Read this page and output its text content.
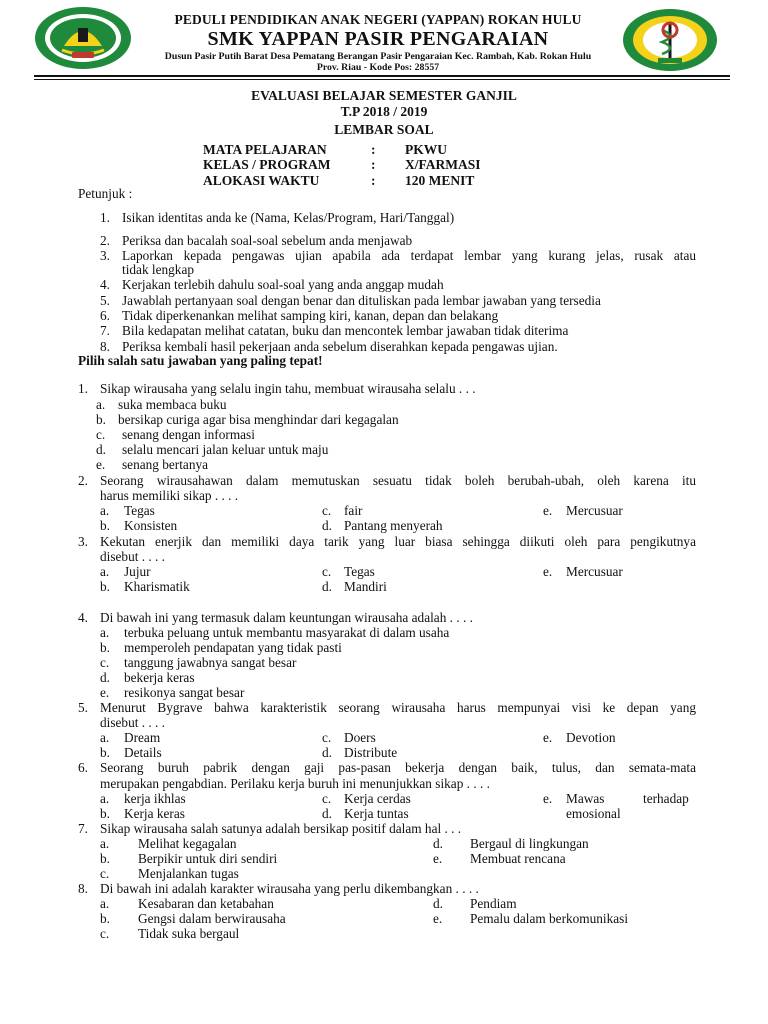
PEDULI PENDIDIKAN ANAK NEGERI (YAPPAN) ROKAN HULU
SMK YAPPAN PASIR PENGARAIAN
Dusun Pasir Putih Barat Desa Pematang Berangan Pasir Pengaraian Kec. Rambah, Kab. Rokan Hulu
Prov. Riau - Kode Pos: 28557
EVALUASI BELAJAR SEMESTER GANJIL
T.P 2018 / 2019
LEMBAR SOAL
MATA PELAJARAN	: PKWU
KELAS / PROGRAM	: X/FARMASI
ALOKASI WAKTU	: 120 MENIT
Petunjuk :
1. Isikan identitas anda ke (Nama, Kelas/Program, Hari/Tanggal)
2. Periksa dan bacalah soal-soal sebelum anda menjawab
3. Laporkan kepada pengawas ujian apabila ada terdapat lembar yang kurang jelas, rusak atau
tidak lengkap
4. Kerjakan terlebih dahulu soal-soal yang anda anggap mudah
5. Jawablah pertanyaan soal dengan benar dan dituliskan pada lembar jawaban yang tersedia
6. Tidak diperkenankan melihat samping kiri, kanan, depan dan belakang
7. Bila kedapatan melihat catatan, buku dan mencontek lembar jawaban tidak diterima
8. Periksa kembali hasil pekerjaan anda sebelum diserahkan kepada pengawas ujian.
Pilih salah satu jawaban yang paling tepat!
1. Sikap wirausaha yang selalu ingin tahu, membuat wirausaha selalu . . .
a. suka membaca buku
b. bersikap curiga agar bisa menghindar dari kegagalan
c. senang dengan informasi
d. selalu mencari jalan keluar untuk maju
e. senang bertanya
2. Seorang wirausahawan dalam memutuskan sesuatu tidak boleh berubah-ubah, oleh karena itu
harus memiliki sikap . . . .
a. Tegas	c. fair	e. Mercusuar
b. Konsisten	d. Pantang menyerah
3. Kekutan enerjik dan memiliki daya tarik yang luar biasa sehingga diikuti oleh para pengikutnya
disebut . . . .
a. Jujur	c. Tegas	e. Mercusuar
b. Kharismatik	d. Mandiri
4. Di bawah ini yang termasuk dalam keuntungan wirausaha adalah . . . .
a. terbuka peluang untuk membantu masyarakat di dalam usaha
b. memperoleh pendapatan yang tidak pasti
c. tanggung jawabnya sangat besar
d. bekerja keras
e. resikonya sangat besar
5. Menurut Bygrave bahwa karakteristik seorang wirausaha harus mempunyai visi ke depan yang
disebut . . . .
a. Dream	c. Doers	e. Devotion
b. Details	d. Distribute
6. Seorang buruh pabrik dengan gaji pas-pasan bekerja dengan baik, tulus, dan semata-mata
merupakan pengabdian. Perilaku kerja buruh ini menunjukkan sikap . . . .
a. kerja ikhlas	c. Kerja cerdas	e. Mawas	terhadap
emosional
b. Kerja keras	d. Kerja tuntas
7. Sikap wirausaha salah satunya adalah bersikap positif dalam hal . . .
a. Melihat kegagalan	d. Bergaul di lingkungan
b. Berpikir untuk diri sendiri	e. Membuat rencana
c. Menjalankan tugas
8. Di bawah ini adalah karakter wirausaha yang perlu dikembangkan . . . .
a. Kesabaran dan ketabahan	d. Pendiam
b. Gengsi dalam berwirausaha	e. Pemalu dalam berkomunikasi
c. Tidak suka bergaul
